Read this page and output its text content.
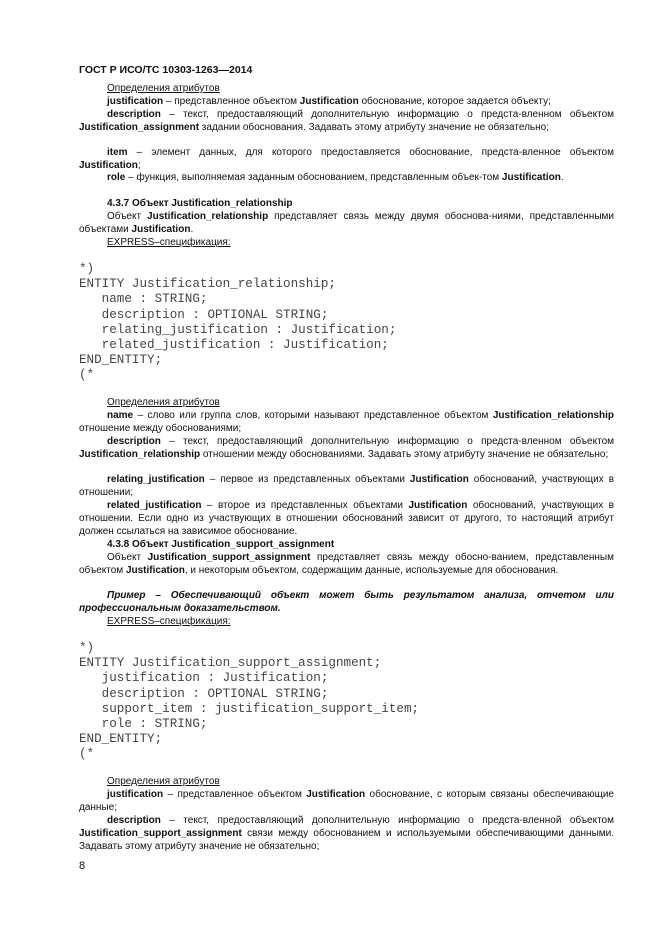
ГОСТ Р ИСО/ТС 10303-1263—2014
Определения атрибутов

justification – представленное объектом Justification обоснование, которое задается объекту;

description – текст, предоставляющий дополнительную информацию о предста-вленном объектом Justification_assignment задании обоснования. Задавать этому атрибуту значение не обязательно;

item – элемент данных, для которого предоставляется обоснование, предста-вленное объектом Justification;

role – функция, выполняемая заданным обоснованием, представленным объек-том Justification.

4.3.7 Объект Justification_relationship

Объект Justification_relationship представляет связь между двумя обоснова-ниями, представленными объектами Justification.

EXPRESS–спецификация:
*)
ENTITY Justification_relationship;
name : STRING;
description : OPTIONAL STRING;
relating_justification : Justification;
related_justification : Justification;
END_ENTITY;
(*
Определения атрибутов

name – слово или группа слов, которыми называют представленное объектом Justification_relationship отношение между обоснованиями;

description – текст, предоставляющий дополнительную информацию о предста-вленном объектом Justification_relationship отношении между обоснованиями. Задавать этому атрибуту значение не обязательно;

relating_justification – первое из представленных объектами Justification обоснований, участвующих в отношении;

related_justification – второе из представленных объектами Justification обоснований, участвующих в отношении. Если одно из участвующих в отношении обоснований зависит от другого, то настоящий атрибут должен ссылаться на зависимое обоснование.

4.3.8 Объект Justification_support_assignment

Объект Justification_support_assignment представляет связь между обосно-ванием, представленным объектом Justification, и некоторым объектом, содержащим данные, используемые для обоснования.

Пример – Обеспечивающий объект может быть результатом анализа, отчетом или профессиональным доказательством.

EXPRESS–спецификация:
*)
ENTITY Justification_support_assignment;
justification : Justification;
description : OPTIONAL STRING;
support_item : justification_support_item;
role : STRING;
END_ENTITY;
(*
Определения атрибутов

justification – представленное объектом Justification обоснование, с которым связаны обеспечивающие данные;

description – текст, предоставляющий дополнительную информацию о предста-вленной объектом Justification_support_assignment связи между обоснованием и используемыми обеспечивающими данными. Задавать этому атрибуту значение не обязательно;

8
